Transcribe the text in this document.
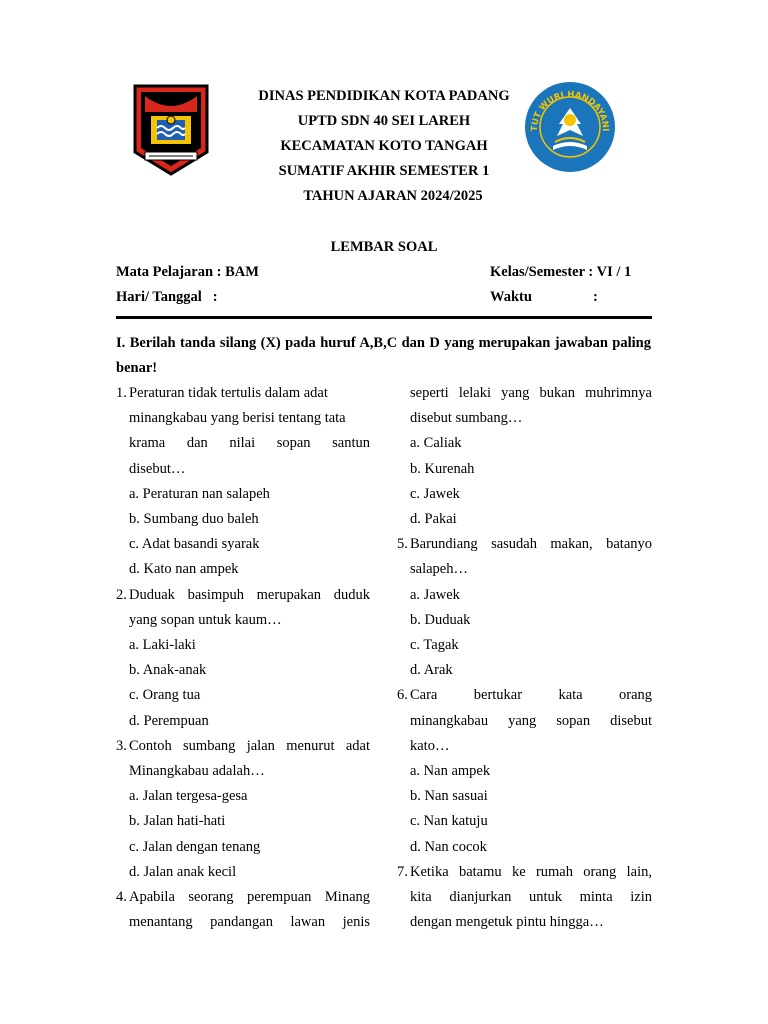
TUT WURI HANDAYANI
DINAS PENDIDIKAN KOTA PADANG
UPTD SDN 40 SEI LAREH
KECAMATAN KOTO TANGAH
SUMATIF AKHIR SEMESTER 1
TAHUN AJARAN 2024/2025
LEMBAR SOAL
Mata Pelajaran : BAM	Kelas/Semester : VI / 1
Hari/ Tanggal   :	Waktu	:
I. Berilah tanda silang (X) pada huruf A,B,C dan D yang merupakan jawaban paling benar!
1. Peraturan tidak tertulis dalam adat
minangkabau yang berisi tentang tata
krama dan nilai sopan santun
disebut…
a. Peraturan nan salapeh
b. Sumbang duo baleh
c. Adat basandi syarak
d. Kato nan ampek
2. Duduak basimpuh merupakan duduk
yang sopan untuk kaum…
a. Laki-laki
b. Anak-anak
c. Orang tua
d. Perempuan
3. Contoh sumbang jalan menurut adat
Minangkabau adalah…
a. Jalan tergesa-gesa
b. Jalan hati-hati
c. Jalan dengan tenang
d. Jalan anak kecil
4. Apabila seorang perempuan Minang
menantang pandangan lawan jenis
seperti lelaki yang bukan muhrimnya
disebut sumbang…
a. Caliak
b. Kurenah
c. Jawek
d. Pakai
5. Barundiang sasudah makan, batanyo
salapeh…
a. Jawek
b. Duduak
c. Tagak
d. Arak
6. Cara bertukar kata orang
minangkabau yang sopan disebut
kato…
a. Nan ampek
b. Nan sasuai
c. Nan katuju
d. Nan cocok
7. Ketika batamu ke rumah orang lain,
kita dianjurkan untuk minta izin
dengan mengetuk pintu hingga…
